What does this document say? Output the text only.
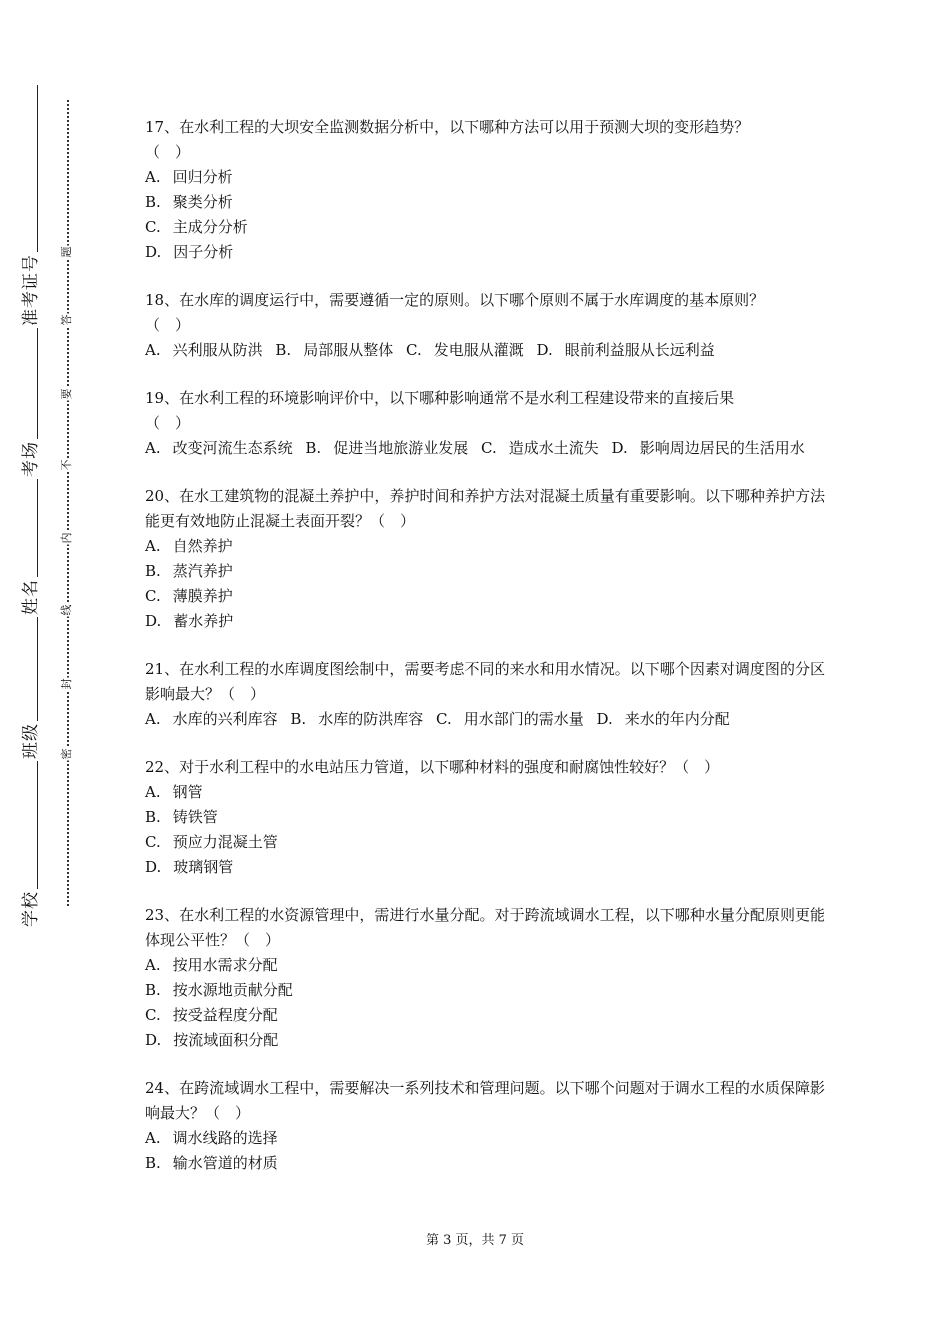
准考证号
考场
姓名
班级
学校
题
答
要
不
内
线
封
密
17、在水利工程的大坝安全监测数据分析中，以下哪种方法可以用于预测大坝的变形趋势？
（　）
A. 回归分析
B. 聚类分析
C. 主成分分析
D. 因子分析
18、在水库的调度运行中，需要遵循一定的原则。以下哪个原则不属于水库调度的基本原则？
（　）
A. 兴利服从防洪 B. 局部服从整体 C. 发电服从灌溉 D. 眼前利益服从长远利益
19、在水利工程的环境影响评价中，以下哪种影响通常不是水利工程建设带来的直接后果
（　）
A. 改变河流生态系统 B. 促进当地旅游业发展 C. 造成水土流失 D. 影响周边居民的生活用水
20、在水工建筑物的混凝土养护中，养护时间和养护方法对混凝土质量有重要影响。以下哪种养护方法能更有效地防止混凝土表面开裂？（　）
A. 自然养护
B. 蒸汽养护
C. 薄膜养护
D. 蓄水养护
21、在水利工程的水库调度图绘制中，需要考虑不同的来水和用水情况。以下哪个因素对调度图的分区影响最大？（　）
A. 水库的兴利库容 B. 水库的防洪库容 C. 用水部门的需水量 D. 来水的年内分配
22、对于水利工程中的水电站压力管道，以下哪种材料的强度和耐腐蚀性较好？（　）
A. 钢管
B. 铸铁管
C. 预应力混凝土管
D. 玻璃钢管
23、在水利工程的水资源管理中，需进行水量分配。对于跨流域调水工程，以下哪种水量分配原则更能体现公平性？（　）
A. 按用水需求分配
B. 按水源地贡献分配
C. 按受益程度分配
D. 按流域面积分配
24、在跨流域调水工程中，需要解决一系列技术和管理问题。以下哪个问题对于调水工程的水质保障影响最大？（　）
A. 调水线路的选择
B. 输水管道的材质
第 3 页，共 7 页
